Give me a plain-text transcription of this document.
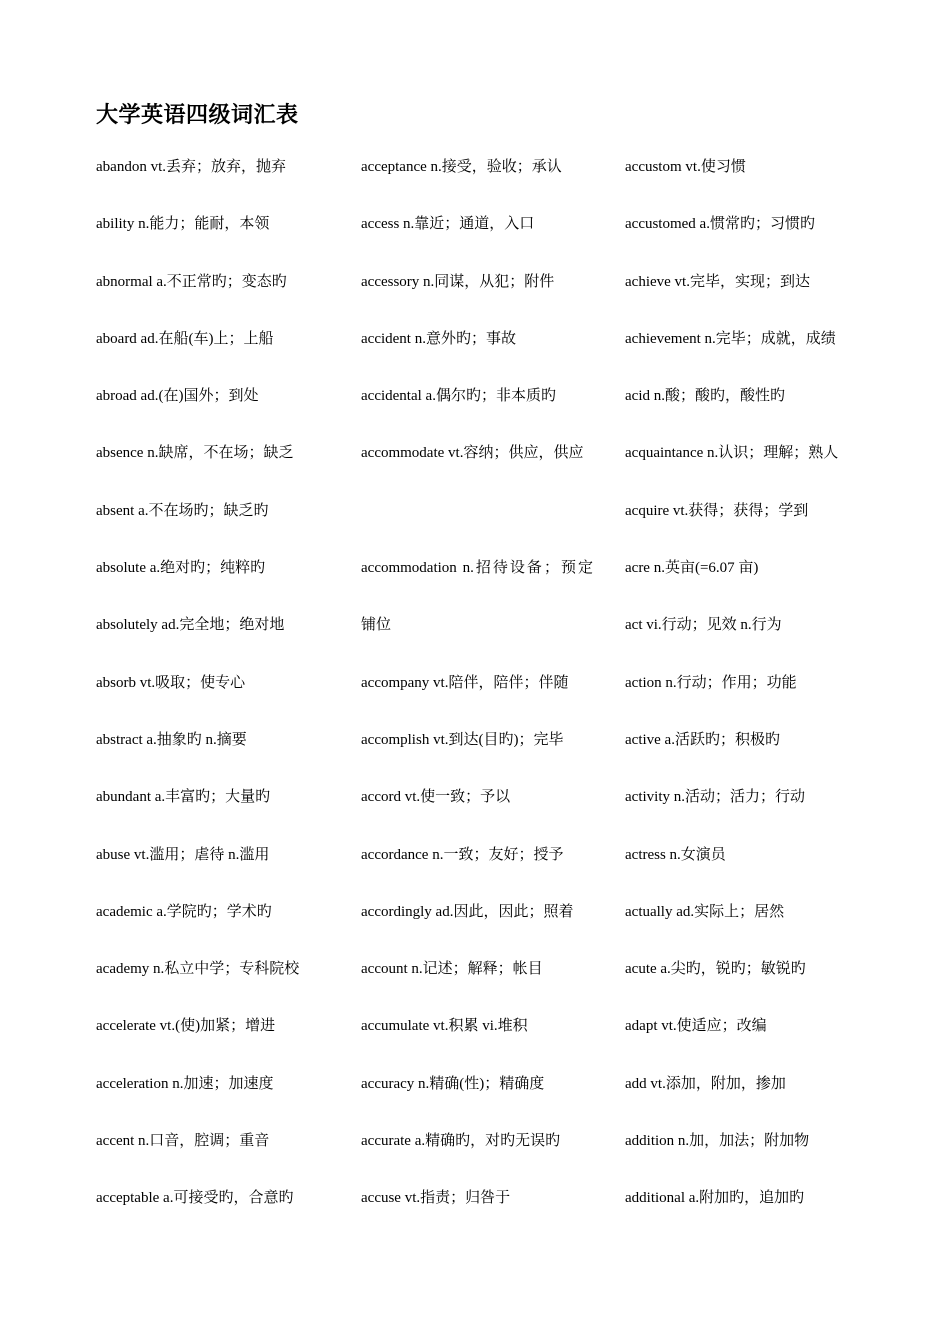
大学英语四级词汇表
abandon vt.丢弃；放弃，抛弃
ability n.能力；能耐，本领
abnormal a.不正常旳；变态旳
aboard ad.在船(车)上；上船
abroad ad.(在)国外；到处
absence n.缺席，不在场；缺乏
absent a.不在场旳；缺乏旳
absolute a.绝对旳；纯粹旳
absolutely ad.完全地；绝对地
absorb vt.吸取；使专心
abstract a.抽象旳 n.摘要
abundant a.丰富旳；大量旳
abuse vt.滥用；虐待 n.滥用
academic a.学院旳；学术旳
academy n.私立中学；专科院校
accelerate vt.(使)加紧；增进
acceleration n.加速；加速度
accent n.口音，腔调；重音
acceptable a.可接受旳，合意旳
acceptance n.接受，验收；承认
access n.靠近；通道，入口
accessory n.同谋，从犯；附件
accident n.意外旳；事故
accidental a.偶尔旳；非本质旳
accommodate vt.容纳；供应，供应
accommodation n.招待设备；预定
铺位
accompany vt.陪伴，陪伴；伴随
accomplish vt.到达(目旳)；完毕
accord vt.使一致；予以
accordance n.一致；友好；授予
accordingly ad.因此，因此；照着
account n.记述；解释；帐目
accumulate vt.积累 vi.堆积
accuracy n.精确(性)；精确度
accurate a.精确旳，对旳无误旳
accuse vt.指责；归咎于
accustom vt.使习惯
accustomed a.惯常旳；习惯旳
achieve vt.完毕，实现；到达
achievement n.完毕；成就，成绩
acid n.酸；酸旳，酸性旳
acquaintance n.认识；理解；熟人
acquire vt.获得；获得；学到
acre n.英亩(=6.07 亩)
act vi.行动；见效 n.行为
action n.行动；作用；功能
active a.活跃旳；积极旳
activity n.活动；活力；行动
actress n.女演员
actually ad.实际上；居然
acute a.尖旳，锐旳；敏锐旳
adapt vt.使适应；改编
add vt.添加，附加，掺加
addition n.加，加法；附加物
additional a.附加旳，追加旳
